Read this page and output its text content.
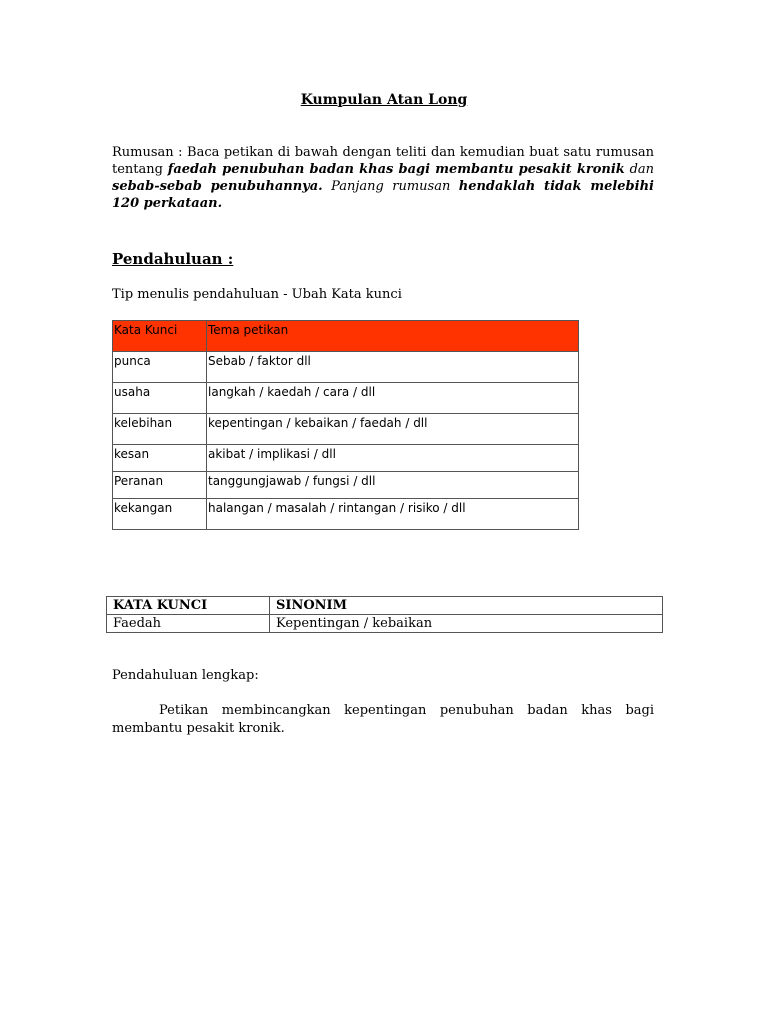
Kumpulan Atan Long
Rumusan : Baca petikan di bawah dengan teliti dan kemudian buat satu rumusan tentang faedah penubuhan badan khas bagi membantu pesakit kronik dan sebab-sebab penubuhannya. Panjang rumusan hendaklah tidak melebihi 120 perkataan.
Pendahuluan :
Tip menulis pendahuluan - Ubah Kata kunci
Kata Kunci	Tema petikan
punca	Sebab / faktor dll
usaha	langkah / kaedah / cara / dll
kelebihan	kepentingan / kebaikan / faedah / dll
kesan	akibat / implikasi / dll
Peranan	tanggungjawab / fungsi / dll
kekangan	halangan / masalah / rintangan / risiko / dll
KATA KUNCI	SINONIM
Faedah	Kepentingan / kebaikan
Pendahuluan lengkap:
Petikan membincangkan kepentingan penubuhan badan khas bagi membantu pesakit kronik.
